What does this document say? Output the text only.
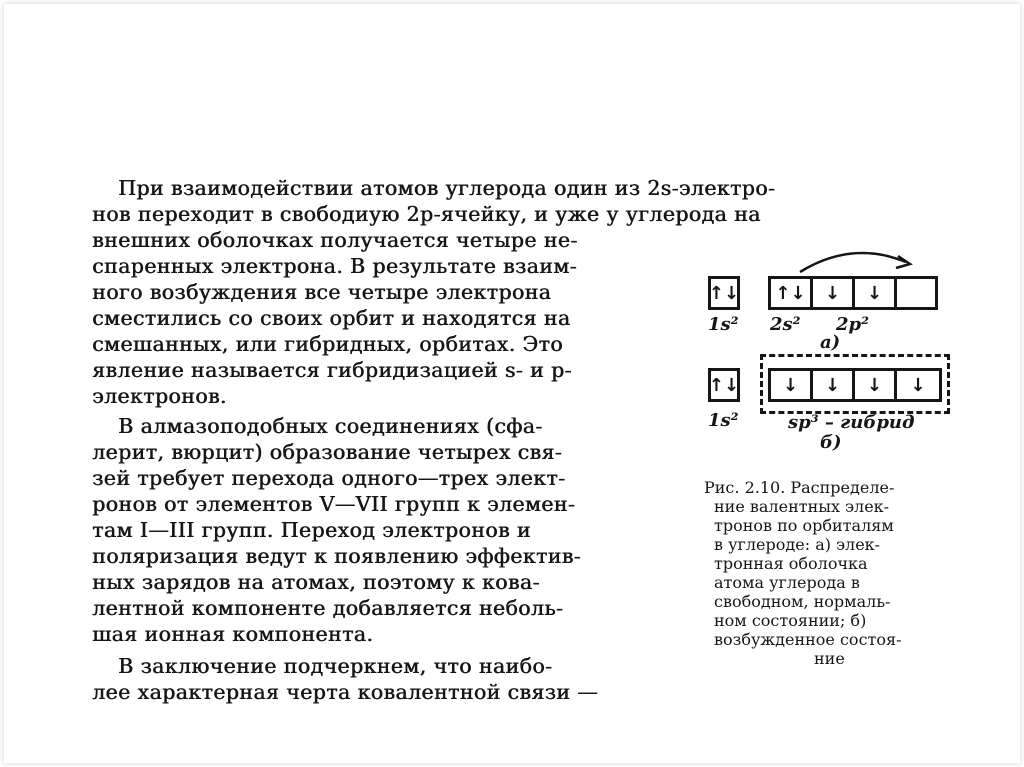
При взаимодействии атомов углерода один из 2s-электро-
нов переходит в свободиую 2p-ячейку, и уже у углерода на
внешних оболочках получается четыре не-
спаренных электрона. В результате взаим-
ного возбуждения все четыре электрона
сместились со своих орбит и находятся на
смешанных, или гибридных, орбитах. Это
явление называется гибридизацией s- и p-
электронов.
В алмазоподобных соединениях (сфа-
лерит, вюрцит) образование четырех свя-
зей требует перехода одного—трех элект-
ронов от элементов V—VII групп к элемен-
там I—III групп. Переход электронов и
поляризация ведут к появлению эффектив-
ных зарядов на атомах, поэтому к кова-
лентной компоненте добавляется неболь-
шая ионная компонента.
В заключение подчеркнем, что наибо-
лее характерная черта ковалентной связи —
↑↓ ↑↓	↓	↓
1s² 2s² 2p²
а)
↑↓	↓	↓	↓	↓
1s²	sp³ – гибрид
б)
Рис. 2.10. Распределе-
ние валентных элек-
тронов по орбиталям
в углероде: а) элек-
тронная оболочка
атома углерода в
свободном, нормаль-
ном состоянии; б)
возбужденное состоя-
ние
